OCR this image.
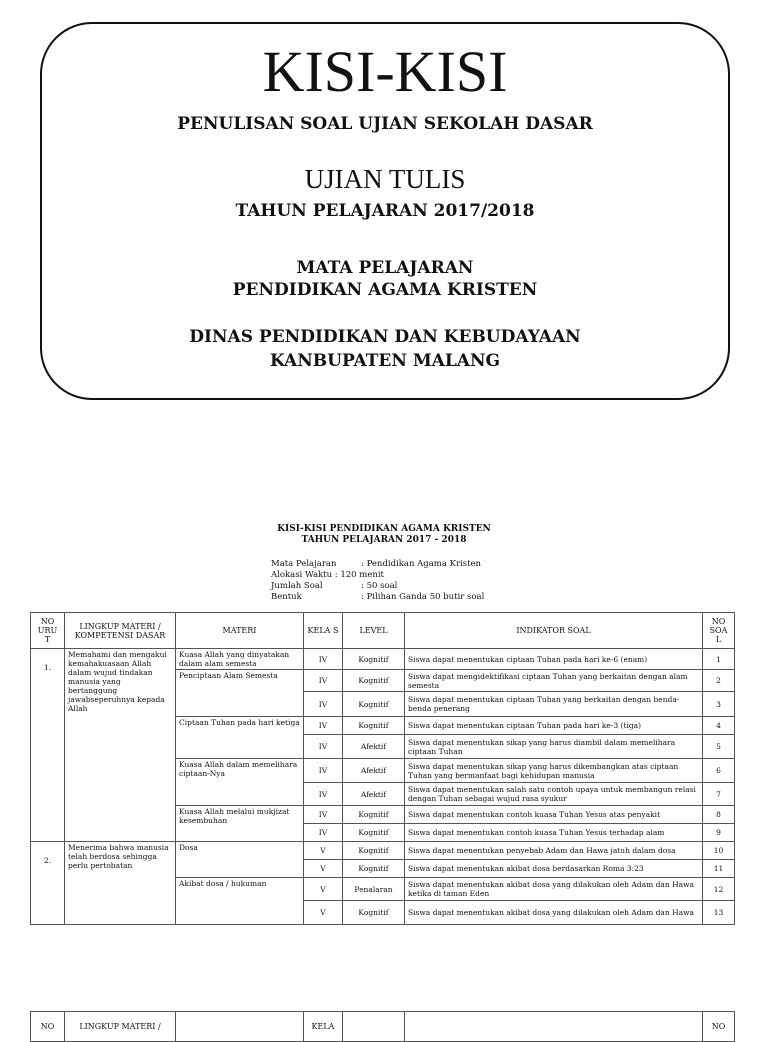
KISI-KISI
PENULISAN SOAL UJIAN SEKOLAH DASAR
UJIAN TULIS
TAHUN PELAJARAN 2017/2018
MATA PELAJARAN
PENDIDIKAN AGAMA KRISTEN
DINAS PENDIDIKAN DAN KEBUDAYAAN
KANBUPATEN MALANG
KISI-KISI PENDIDIKAN AGAMA KRISTEN
TAHUN PELAJARAN 2017 - 2018
Mata Pelajaran	: Pendidikan Agama Kristen
Alokasi Waktu : 120 menit
Jumlah Soal	: 50 soal
Bentuk	: Pilihan Ganda 50 butir soal
NO URU T	LINGKUP MATERI / KOMPETENSI DASAR	MATERI	KELA S	LEVEL	INDIKATOR SOAL	NO SOA L
1.	Memahami dan mengakui kemahakuasaan Allah dalam wujud tindakan manusia yang bertanggung jawabseperuhnya kepada Allah	Kuasa Allah yang dinyatakan dalam alam semesta	IV	Kognitif	Siswa dapat menentukan ciptaan Tuhan pada hari ke-6 (enam)	1
		Penciptaan Alam Semesta	IV	Kognitif	Siswa dapat mengidektifikasi ciptaan Tuhan yang berkaitan dengan alam semesta	2
			IV	Kognitif	Siswa dapat menentukan ciptaan Tuhan yang berkaitan dengan benda-benda penerang	3
		Ciptaan Tuhan pada hari ketiga	IV	Kognitif	Siswa dapat menentukan ciptaan Tuhan pada hari ke-3 (tiga)	4
			IV	Afektif	Siswa dapat menentukan sikap yang harus diambil dalam memelihara ciptaan Tuhan	5
		Kuasa Allah dalam memelihara ciptaan-Nya	IV	Afektif	Siswa dapat menentukan sikap yang harus dikembangkan atas ciptaan Tuhan yang bermanfaat bagi kehidupan manusia	6
			IV	Afektif	Siswa dapat menentukan salah satu contoh upaya untuk membangun relasi dengan Tuhan sebagai wujud rasa syukur	7
		Kuasa Allah melalui mukjizat kesembuhan	IV	Kognitif	Siswa dapat menentukan contoh kuasa Tuhan Yesus atas penyakit	8
			IV	Kognitif	Siswa dapat menentukan contoh kuasa Tuhan Yesus terhadap alam	9
2.	Menerima bahwa manusia telah berdosa sehingga perlu pertobatan	Dosa	V	Kognitif	Siswa dapat menentukan penyebab Adam dan Hawa jatuh dalam dosa	10
			V	Kognitif	Siswa dapat menentukan akibat dosa berdasarkan Roma 3:23	11
		Akibat dosa / hukuman	V	Penalaran	Siswa dapat menentukan akibat dosa yang dilakukan oleh Adam dan Hawa ketika di taman Eden	12
			V	Kognitif	Siswa dapat menentukan akibat dosa yang dilakukan oleh Adam dan Hawa	13
NO	LINGKUP MATERI /		KELA			NO
